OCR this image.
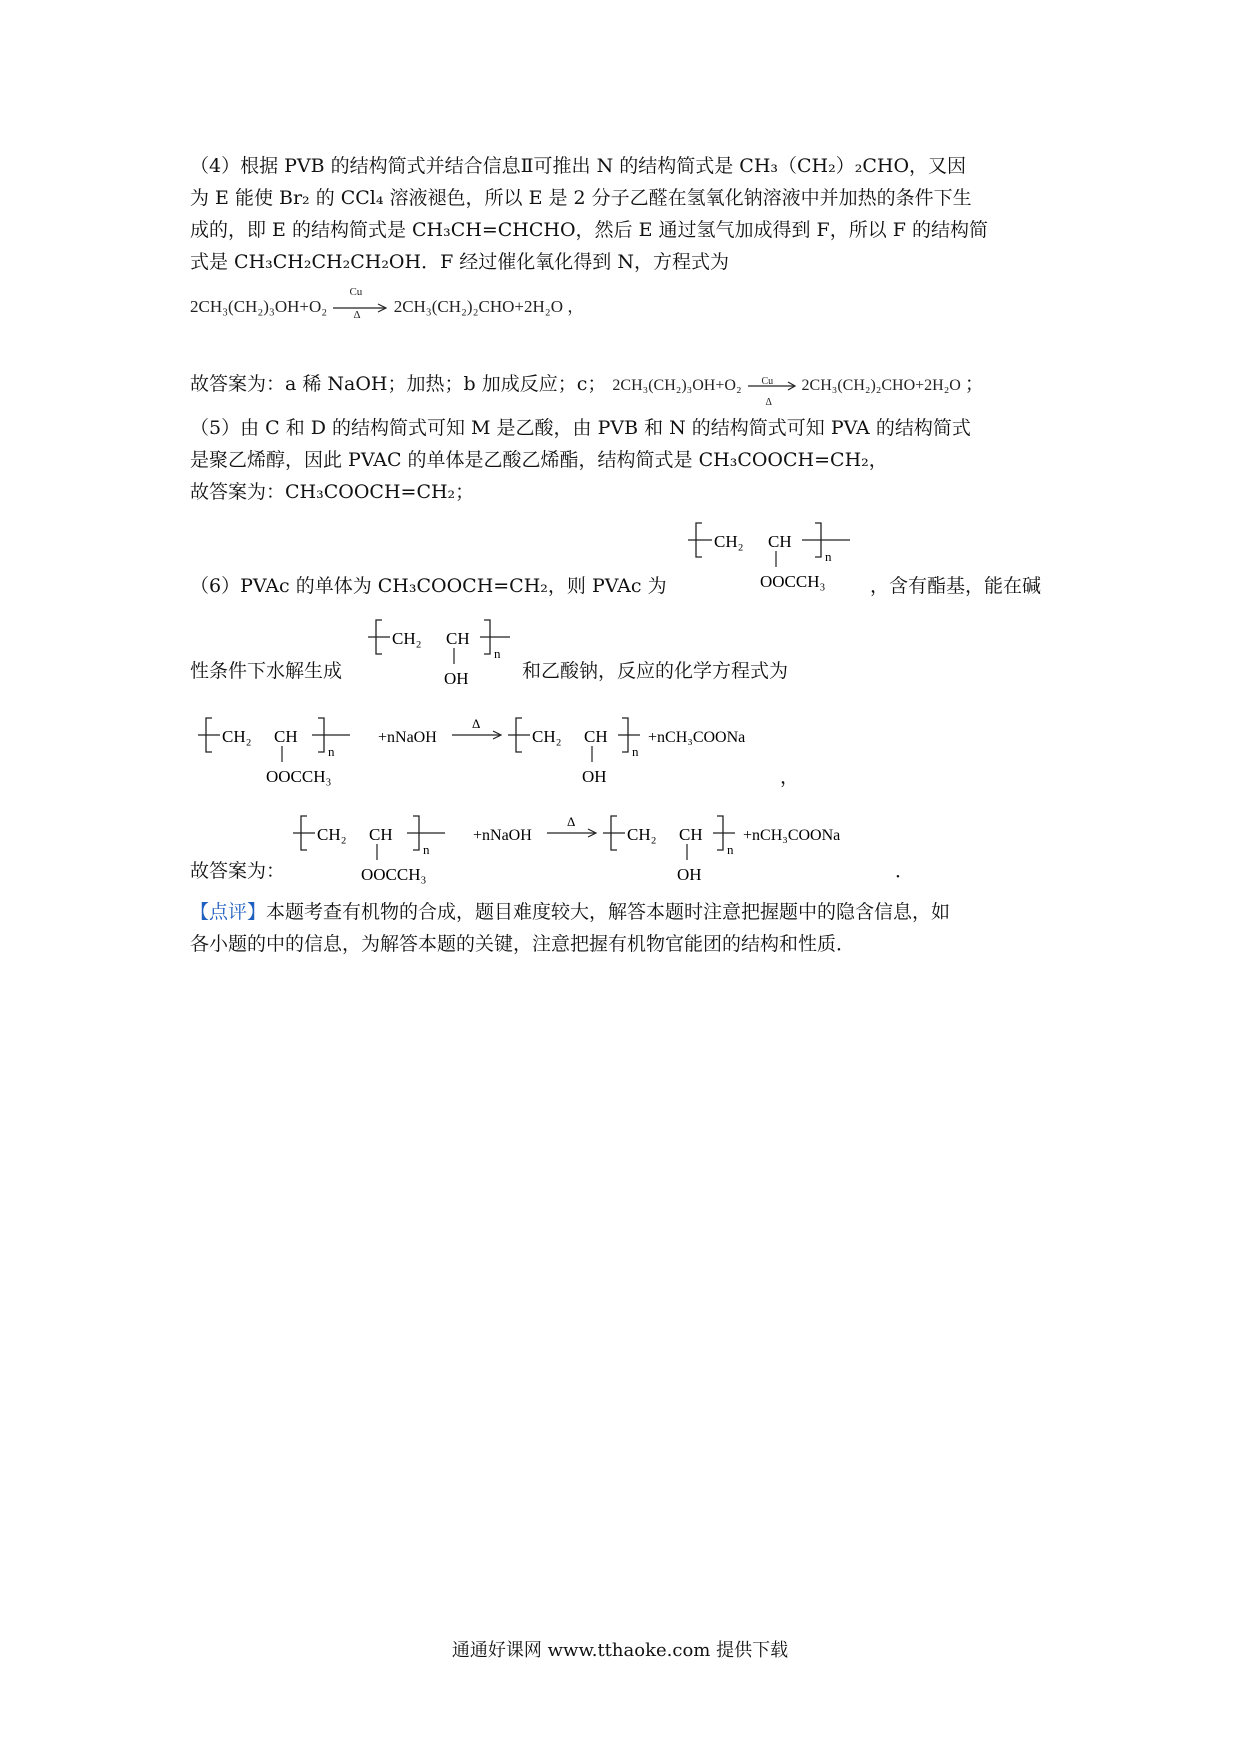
（4）根据 PVB 的结构简式并结合信息Ⅱ可推出 N 的结构简式是 CH₃（CH₂）₂CHO，又因
为 E 能使 Br₂ 的 CCl₄ 溶液褪色，所以 E 是 2 分子乙醛在氢氧化钠溶液中并加热的条件下生
成的，即 E 的结构简式是 CH₃CH=CHCHO，然后 E 通过氢气加成得到 F，所以 F 的结构简
式是 CH₃CH₂CH₂CH₂OH．F 经过催化氧化得到 N，方程式为
2CH₃(CH₂)₃OH+O₂
Cu
Δ 2CH₃(CH₂)₂CHO+2H₂O ，
故答案为：a 稀 NaOH；加热；b 加成反应；c； 2CH₃(CH₂)₃OH+O₂ Cu
Δ
2CH₃(CH₂)₂CHO+2H₂O ；
（5）由 C 和 D 的结构简式可知 M 是乙酸，由 PVB 和 N 的结构简式可知 PVA 的结构简式
是聚乙烯醇，因此 PVAC 的单体是乙酸乙烯酯，结构简式是 CH₃COOCH=CH₂，
故答案为：CH₃COOCH=CH₂；
（6）PVAc 的单体为 CH₃COOCH=CH₂，则 PVAc 为
CH₂ CH
n
OOCCH₃ ，含有酯基，能在碱
性条件下水解生成
CH₂ CH
n
OH	和乙酸钠，反应的化学方程式为
CH₂ CH
n
OOCCH₃
+nNaOH
Δ
CH₂ CH
n
OH
+nCH₃COONa
，
故答案为：
CH₂ CH
n
OOCCH₃
+nNaOH
Δ
CH₂ CH
n
OH
+nCH₃COONa
．
【点评】本题考查有机物的合成，题目难度较大，解答本题时注意把握题中的隐含信息，如
各小题的中的信息，为解答本题的关键，注意把握有机物官能团的结构和性质．
通通好课网 www.tthaoke.com 提供下载
